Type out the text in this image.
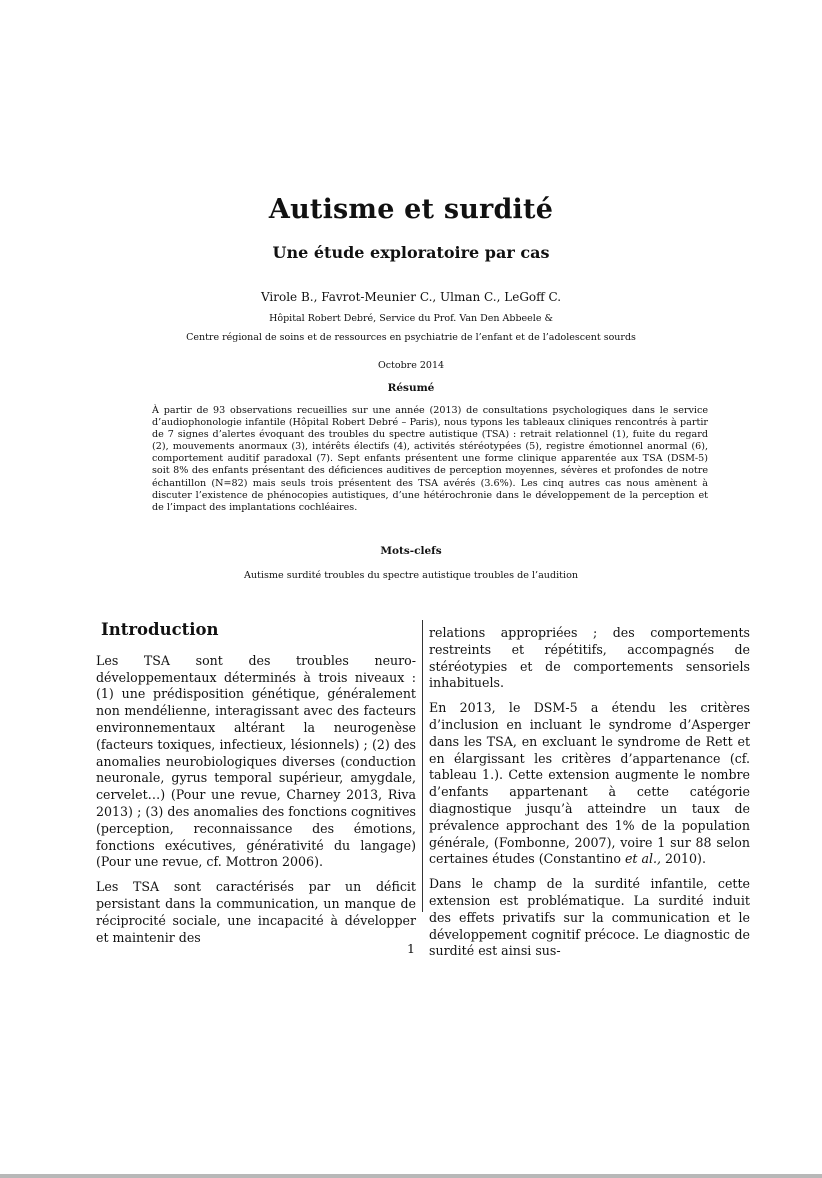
Autisme et surdité
Une étude exploratoire par cas

Virole B., Favrot-Meunier C., Ulman C., LeGoff C.

Hôpital Robert Debré, Service du Prof. Van Den Abbeele &

Centre régional de soins et de ressources en psychiatrie de l’enfant et de l’adolescent sourds

Octobre 2014

Résumé

À partir de 93 observations recueillies sur une année (2013) de consultations psychologiques dans le service d’audiophonologie infantile (Hôpital Robert Debré – Paris), nous typons les tableaux cliniques rencontrés à partir de 7 signes d’alertes évoquant des troubles du spectre autistique (TSA) : retrait relationnel (1), fuite du regard (2), mouvements anormaux (3), intérêts électifs (4), activités stéréotypées (5), registre émotionnel anormal (6), comportement auditif paradoxal (7). Sept enfants présentent une forme clinique apparentée aux TSA (DSM-5) soit 8% des enfants présentant des déficiences auditives de perception moyennes, sévères et profondes de notre échantillon (N=82) mais seuls trois présentent des TSA avérés (3.6%). Les cinq autres cas nous amènent à discuter l’existence de phénocopies autistiques, d’une hétérochronie dans le développement de la perception et de l’impact des implantations cochléaires.

Mots-clefs

Autisme surdité troubles du spectre autistique troubles de l’audition

Introduction

Les TSA sont des troubles neuro-développementaux déterminés à trois niveaux : (1) une prédisposition génétique, généralement non mendélienne, interagissant avec des facteurs environnementaux altérant la neurogenèse (facteurs toxiques, infectieux, lésionnels) ; (2) des anomalies neurobiologiques diverses (conduction neuronale, gyrus temporal supérieur, amygdale, cervelet…) (Pour une revue, Charney 2013, Riva 2013) ; (3) des anomalies des fonctions cognitives (perception, reconnaissance des émotions, fonctions exécutives, générativité du langage)(Pour une revue, cf. Mottron 2006).

Les TSA sont caractérisés par un déficit persistant dans la communication, un manque de réciprocité sociale, une incapacité à développer et maintenir des

relations appropriées ; des comportements restreints et répétitifs, accompagnés de stéréotypies et de comportements sensoriels inhabituels.

En 2013, le DSM-5 a étendu les critères d’inclusion en incluant le syndrome d’Asperger dans les TSA, en excluant le syndrome de Rett et en élargissant les critères d’appartenance (cf. tableau 1.). Cette extension augmente le nombre d’enfants appartenant à cette catégorie diagnostique jusqu’à atteindre un taux de prévalence approchant des 1% de la population générale, (Fombonne, 2007), voire 1 sur 88 selon certaines études (Constantino et al., 2010).

Dans le champ de la surdité infantile, cette extension est problématique. La surdité induit des effets privatifs sur la communication et le développement cognitif précoce. Le diagnostic de surdité est ainsi sus-

1
